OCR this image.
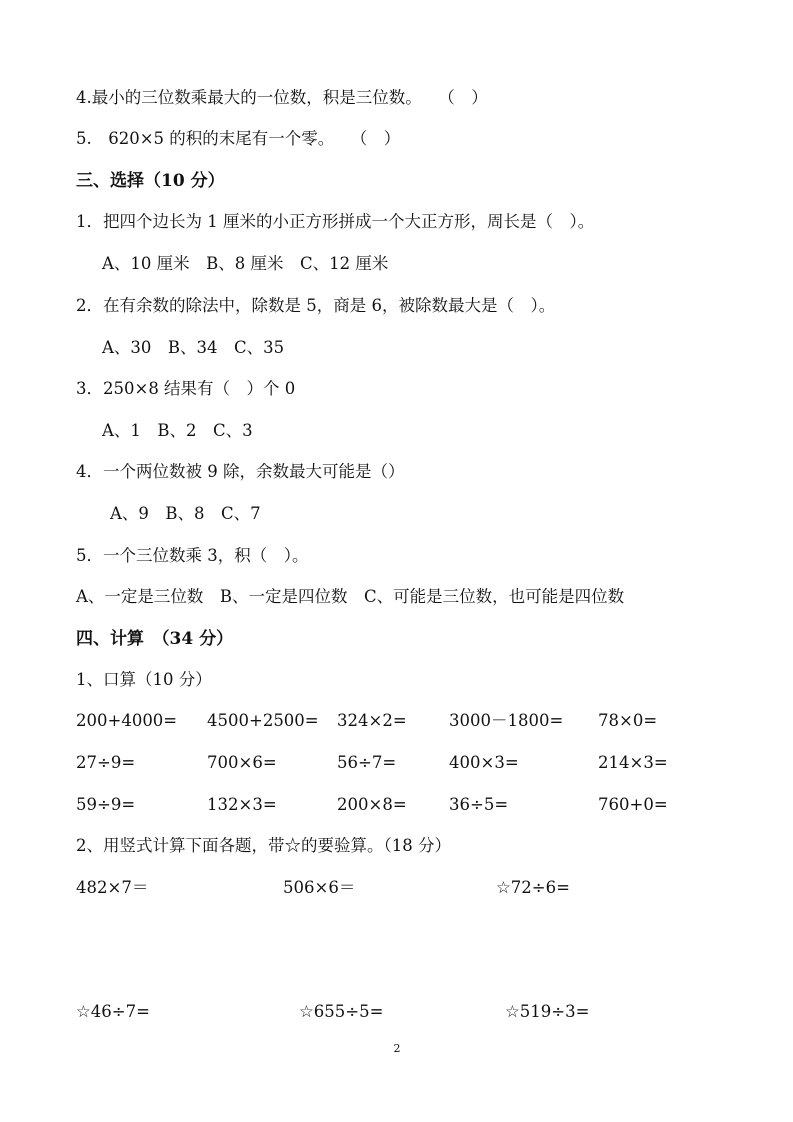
4.最小的三位数乘最大的一位数，积是三位数。　　（　）
5.　620×5 的积的末尾有一个零。　　（　）
三、选择（10 分）
1．把四个边长为 1 厘米的小正方形拼成一个大正方形，周长是（　）。
A、10 厘米　B、8 厘米　C、12 厘米
2．在有余数的除法中，除数是 5，商是 6，被除数最大是（　）。
A、30　B、34　C、35
3．250×8 结果有（　）个 0
A、1　B、2　C、3
4．一个两位数被 9 除，余数最大可能是（）
A、9　B、8　C、7
5．一个三位数乘 3，积（　）。
A、一定是三位数　B、一定是四位数　C、可能是三位数，也可能是四位数
四、计算　（34 分）
1、口算（10 分）
200+4000= 4500+2500= 324×2=	3000－1800= 78×0=
27÷9=	700×6=	56÷7=	400×3=	214×3=
59÷9=	132×3=	200×8=	36÷5=	760+0=
2、用竖式计算下面各题，带☆的要验算。（18 分）
482×7＝	506×6＝	☆72÷6=
☆46÷7=	☆655÷5=	☆519÷3=
2
